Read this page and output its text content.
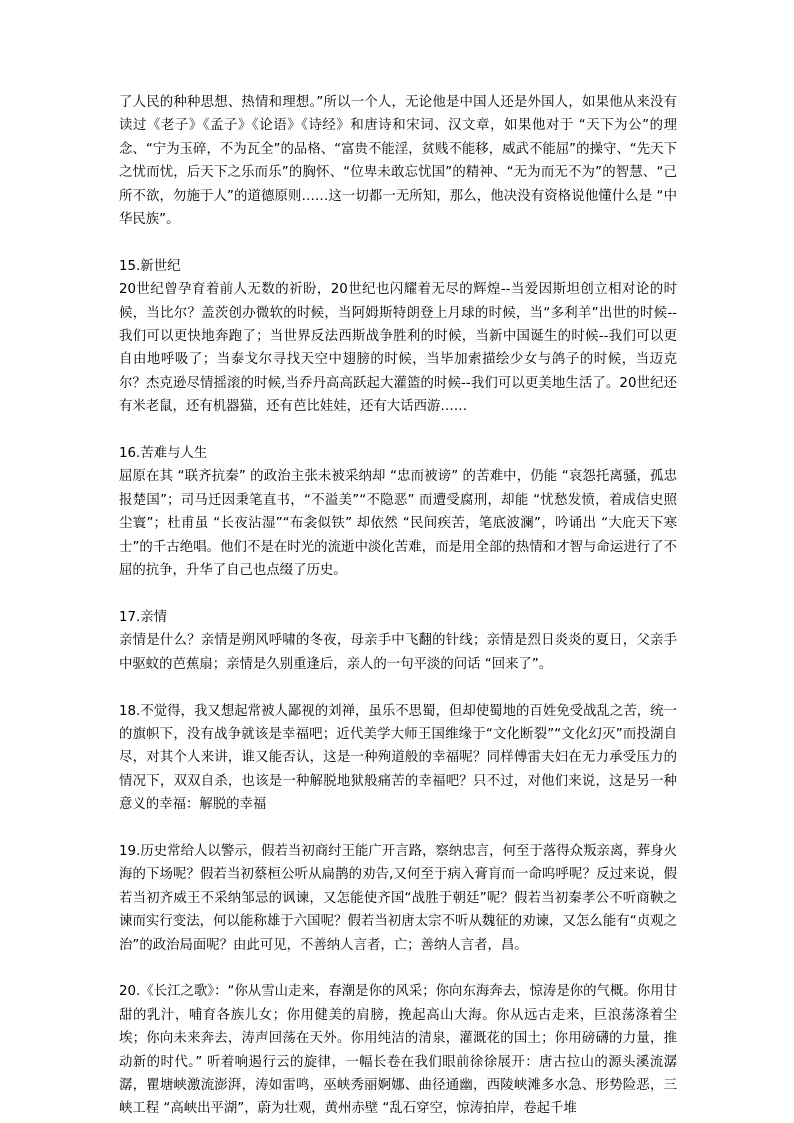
了人民的种种思想、热情和理想。”所以一个人，无论他是中国人还是外国人，如果他从来没有读过《老子》《孟子》《论语》《诗经》和唐诗和宋词、汉文章，如果他对于 “天下为公”的理念、“宁为玉碎，不为瓦全”的品格、“富贵不能淫，贫贱不能移，威武不能屈”的操守、“先天下之忧而忧，后天下之乐而乐”的胸怀、“位卑未敢忘忧国”的精神、“无为而无不为”的智慧、“己所不欲，勿施于人”的道德原则……这一切都一无所知，那么，他决没有资格说他懂什么是 “中华民族”。

15.新世纪

20世纪曾孕育着前人无数的祈盼，20世纪也闪耀着无尽的辉煌--当爱因斯坦创立相对论的时候，当比尔？盖茨创办微软的时候，当阿姆斯特朗登上月球的时候，当“多利羊”出世的时候--我们可以更快地奔跑了；当世界反法西斯战争胜利的时候，当新中国诞生的时候--我们可以更自由地呼吸了；当泰戈尔寻找天空中翅膀的时候，当毕加索描绘少女与鸽子的时候，当迈克尔？杰克逊尽情摇滚的时候,当乔丹高高跃起大灌篮的时候--我们可以更美地生活了。20世纪还有米老鼠，还有机器猫，还有芭比娃娃，还有大话西游……

16.苦难与人生

屈原在其 “联齐抗秦” 的政治主张未被采纳却 “忠而被谤” 的苦难中，仍能 “哀怨托离骚，孤忠报楚国”；司马迁因秉笔直书，“不溢美”“不隐恶” 而遭受腐刑，却能 “忧愁发愤，着成信史照尘寰”；杜甫虽 “长夜沾湿”“布衾似铁” 却依然 “民间疾苦，笔底波澜”，吟诵出 “大庇天下寒士”的千古绝唱。他们不是在时光的流逝中淡化苦难，而是用全部的热情和才智与命运进行了不屈的抗争，升华了自己也点缀了历史。

17.亲情

亲情是什么？亲情是朔风呼啸的冬夜，母亲手中飞翻的针线；亲情是烈日炎炎的夏日，父亲手中驱蚊的芭蕉扇；亲情是久别重逢后，亲人的一句平淡的问话 “回来了”。

18.不觉得，我又想起常被人鄙视的刘禅，虽乐不思蜀，但却使蜀地的百姓免受战乱之苦，统一的旗帜下，没有战争就该是幸福吧；近代美学大师王国维缘于“文化断裂”“文化幻灭”而投湖自尽，对其个人来讲，谁又能否认，这是一种殉道般的幸福呢？同样傅雷夫妇在无力承受压力的情况下，双双自杀，也该是一种解脱地狱般痛苦的幸福吧？只不过，对他们来说，这是另一种意义的幸福：解脱的幸福

19.历史常给人以警示，假若当初商纣王能广开言路，察纳忠言，何至于落得众叛亲离，葬身火海的下场呢？假若当初蔡桓公听从扁鹊的劝告,又何至于病入膏肓而一命呜呼呢？反过来说，假若当初齐威王不采纳邹忌的讽谏，又怎能使齐国“战胜于朝廷”呢？假若当初秦孝公不听商鞅之谏而实行变法，何以能称雄于六国呢？假若当初唐太宗不听从魏征的劝谏，又怎么能有“贞观之治”的政治局面呢？由此可见，不善纳人言者，亡；善纳人言者，昌。

20.《长江之歌》：“你从雪山走来，春潮是你的风采；你向东海奔去，惊涛是你的气概。你用甘甜的乳汁，哺育各族儿女；你用健美的肩膀，挽起高山大海。你从远古走来，巨浪荡涤着尘埃；你向未来奔去，涛声回荡在天外。你用纯洁的清泉，灌溉花的国土；你用磅礴的力量，推动新的时代。” 听着响遏行云的旋律，一幅长卷在我们眼前徐徐展开：唐古拉山的源头溪流潺潺，瞿塘峡激流澎湃，涛如雷鸣，巫峡秀丽婀娜、曲径通幽，西陵峡滩多水急、形势险恶，三峡工程 “高峡出平湖”，蔚为壮观，黄州赤壁 “乱石穿空，惊涛拍岸，卷起千堆
